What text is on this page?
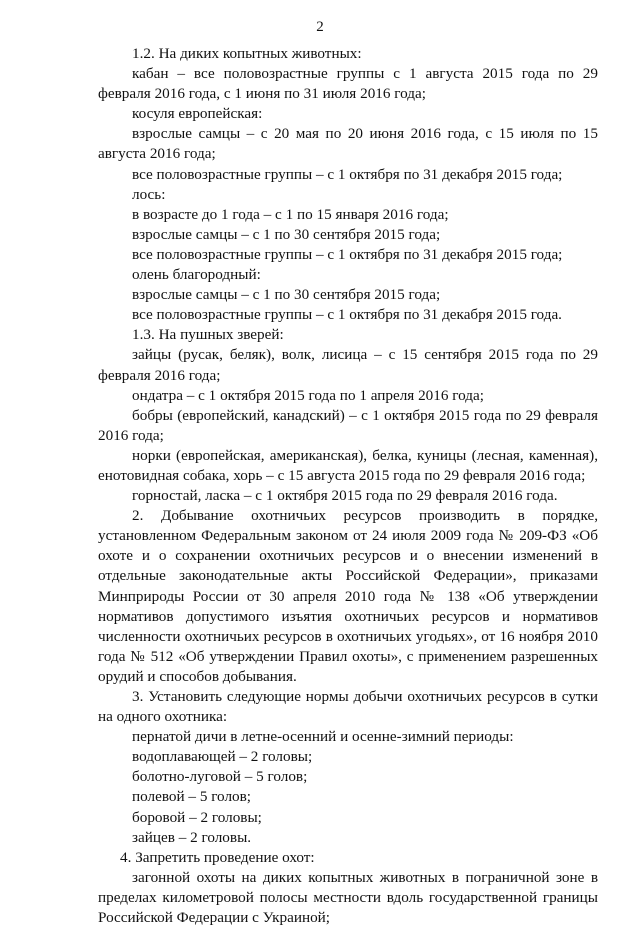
2

1.2. На диких копытных животных:

кабан – все половозрастные группы с 1 августа 2015 года по 29 февраля 2016 года, с 1 июня по 31 июля 2016 года;

косуля европейская:

взрослые самцы – с 20 мая по 20 июня 2016 года, с 15 июля по 15 августа 2016 года;

все половозрастные группы – с 1 октября по 31 декабря 2015 года;

лось:

в возрасте до 1 года – с 1 по 15 января 2016 года;

взрослые самцы – с 1 по 30 сентября 2015 года;

все половозрастные группы – с 1 октября по 31 декабря 2015 года;

олень благородный:

взрослые самцы – с 1 по 30 сентября 2015 года;

все половозрастные группы – с 1 октября по 31 декабря 2015 года.

1.3. На пушных зверей:

зайцы (русак, беляк), волк, лисица – с 15 сентября 2015 года по 29 февраля 2016 года;

ондатра – с 1 октября 2015 года по 1 апреля 2016 года;

бобры (европейский, канадский) – с 1 октября 2015 года по 29 февраля 2016 года;

норки (европейская, американская), белка, куницы (лесная, каменная), енотовидная собака, хорь – с 15 августа 2015 года по 29 февраля 2016 года;

горностай, ласка – с 1 октября 2015 года по 29 февраля 2016 года.

2. Добывание охотничьих ресурсов производить в порядке, установленном Федеральным законом от 24 июля 2009 года № 209-ФЗ «Об охоте и о сохранении охотничьих ресурсов и о внесении изменений в отдельные законодательные акты Российской Федерации», приказами Минприроды России от 30 апреля 2010 года № 138 «Об утверждении нормативов допустимого изъятия охотничьих ресурсов и нормативов численности охотничьих ресурсов в охотничьих угодьях», от 16 ноября 2010 года № 512 «Об утверждении Правил охоты», с применением разрешенных орудий и способов добывания.

3. Установить следующие нормы добычи охотничьих ресурсов в сутки на одного охотника:

пернатой дичи в летне-осенний и осенне-зимний периоды:

водоплавающей – 2 головы;

болотно-луговой – 5 голов;

полевой – 5 голов;

боровой – 2 головы;

зайцев – 2 головы.

4. Запретить проведение охот:

загонной охоты на диких копытных животных в пограничной зоне в пределах километровой полосы местности вдоль государственной границы Российской Федерации с Украиной;
